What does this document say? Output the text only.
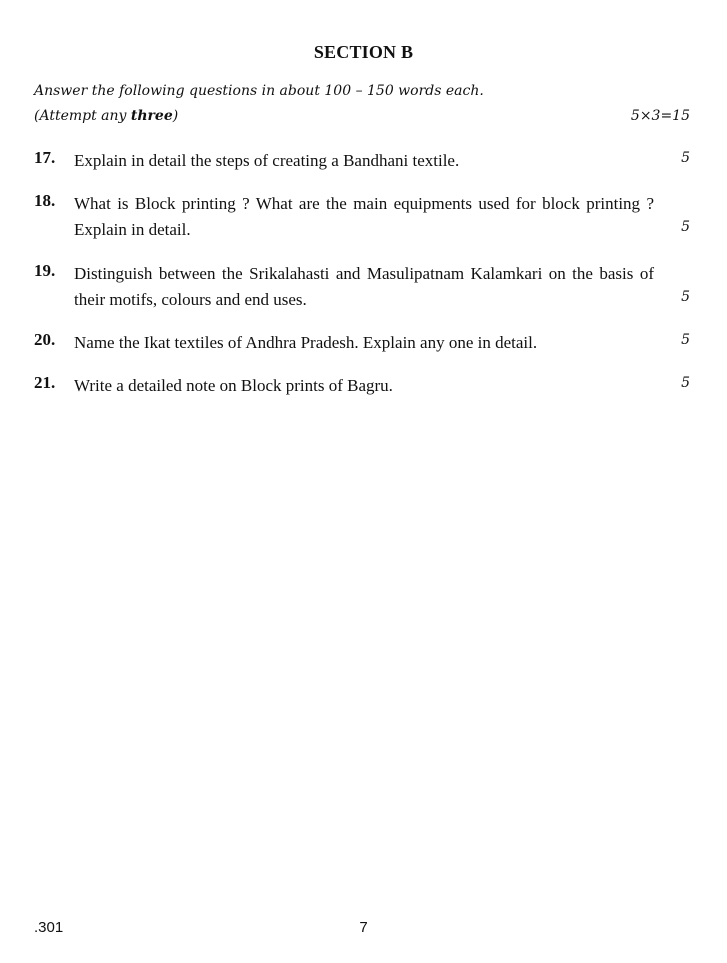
SECTION B
Answer the following questions in about 100 – 150 words each.
(Attempt any three)	5×3=15
17. Explain in detail the steps of creating a Bandhani textile.	5
18. What is Block printing ? What are the main equipments used for block printing ? Explain in detail.	5
19. Distinguish between the Srikalahasti and Masulipatnam Kalamkari on the basis of their motifs, colours and end uses.	5
20. Name the Ikat textiles of Andhra Pradesh. Explain any one in detail.	5
21. Write a detailed note on Block prints of Bagru.	5
.301	7
